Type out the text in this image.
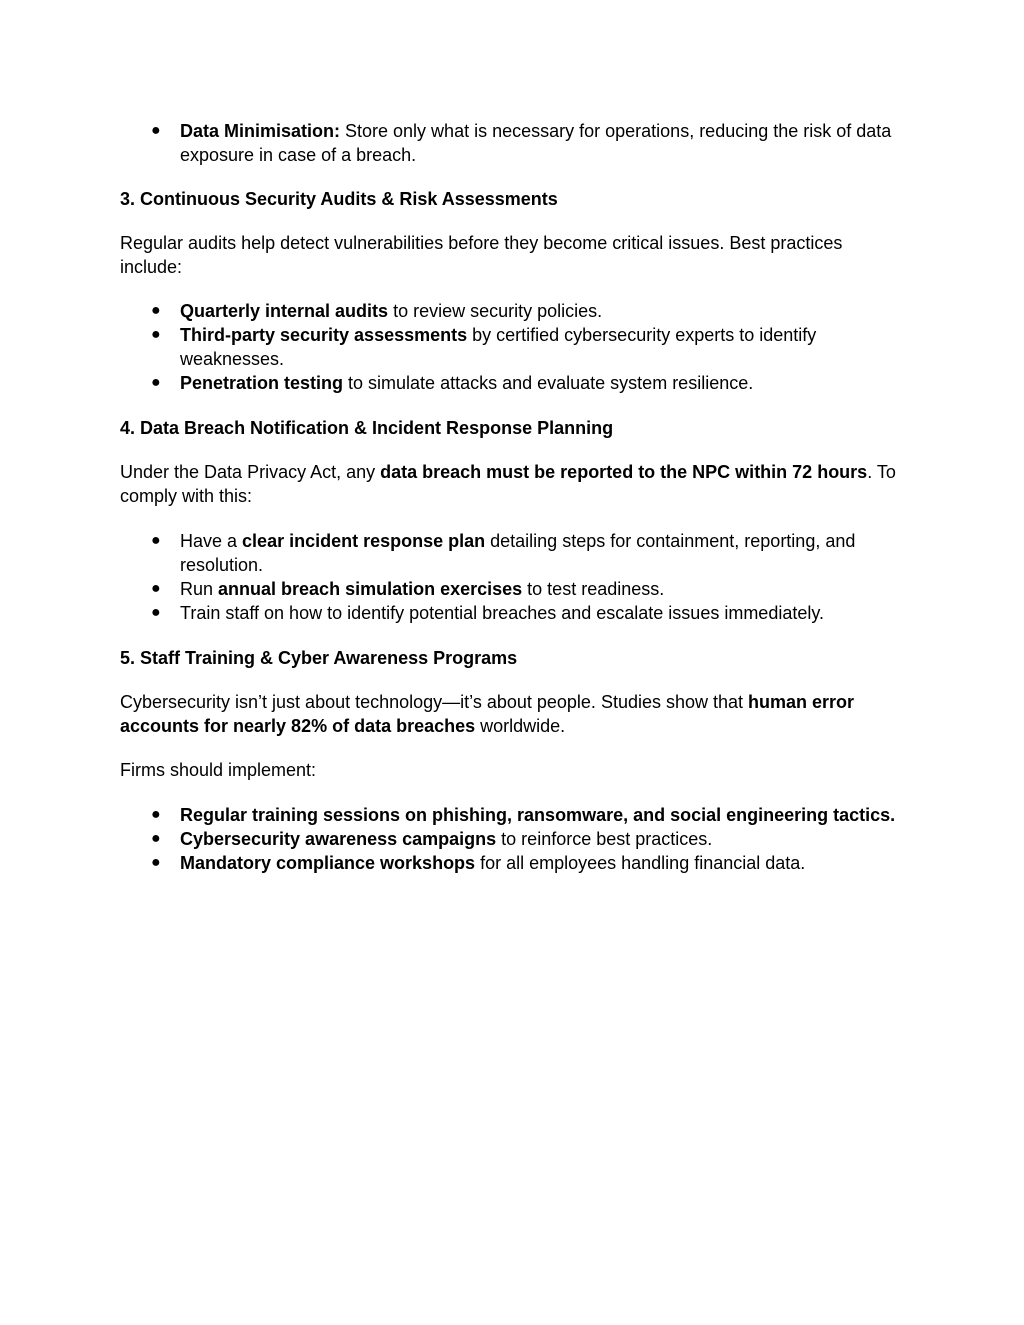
● Data Minimisation: Store only what is necessary for operations, reducing the risk of data exposure in case of a breach.

3. Continuous Security Audits & Risk Assessments

Regular audits help detect vulnerabilities before they become critical issues. Best practices include:

● Quarterly internal audits to review security policies.
● Third-party security assessments by certified cybersecurity experts to identify weaknesses.
● Penetration testing to simulate attacks and evaluate system resilience.

4. Data Breach Notification & Incident Response Planning

Under the Data Privacy Act, any data breach must be reported to the NPC within 72 hours. To comply with this:

● Have a clear incident response plan detailing steps for containment, reporting, and resolution.
● Run annual breach simulation exercises to test readiness.
● Train staff on how to identify potential breaches and escalate issues immediately.

5. Staff Training & Cyber Awareness Programs

Cybersecurity isn’t just about technology—it’s about people. Studies show that human error accounts for nearly 82% of data breaches worldwide.

Firms should implement:

● Regular training sessions on phishing, ransomware, and social engineering tactics.
● Cybersecurity awareness campaigns to reinforce best practices.
● Mandatory compliance workshops for all employees handling financial data.
